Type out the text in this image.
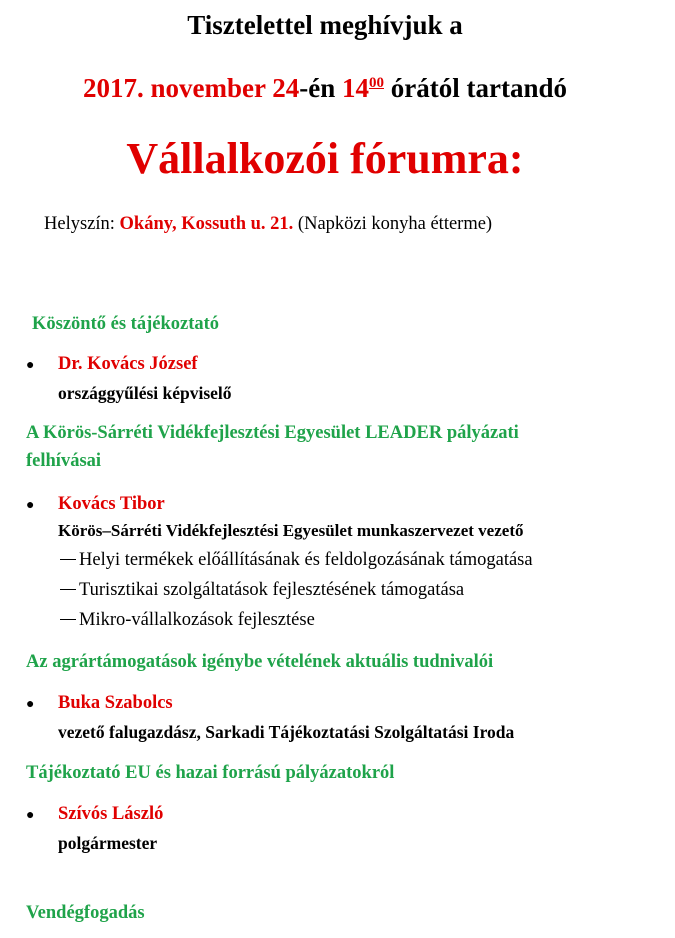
Tisztelettel meghívjuk a
2017. november 24-én $14^{00}$ órától tartandó
Vállalkozói fórumra:
Helyszín: Okány, Kossuth u. 21. (Napközi konyha étterme)
Köszöntő és tájékoztató
● Dr. Kovács József
országgyűlési képviselő
A Körös-Sárréti Vidékfejlesztési Egyesület LEADER pályázati
felhívásai
● Kovács Tibor
Körös–Sárréti Vidékfejlesztési Egyesület munkaszervezet vezető
Helyi termékek előállításának és feldolgozásának támogatása
Turisztikai szolgáltatások fejlesztésének támogatása
Mikro-vállalkozások fejlesztése
Az agrártámogatások igénybe vételének aktuális tudnivalói
● Buka Szabolcs
vezető falugazdász, Sarkadi Tájékoztatási Szolgáltatási Iroda
Tájékoztató EU és hazai forrású pályázatokról
● Szívós László
polgármester
Vendégfogadás
